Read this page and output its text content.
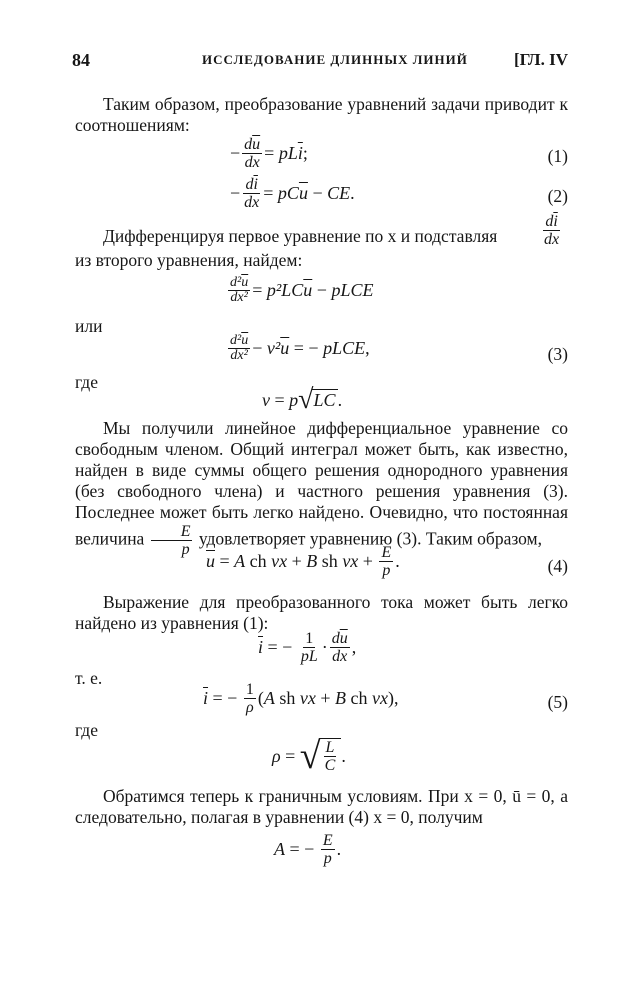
84	ИССЛЕДОВАНИЕ ДЛИННЫХ ЛИНИЙ	[ГЛ. IV
Таким образом, преобразование уравнений задачи приводит к соотношениям:
− $\frac{d\overline{u}}{dx}$ = pL $\overline{i}$ ;	(1)
− $\frac{d\overline{i}}{dx}$ = pC $\overline{u}$ − CE .	(2)
Дифференцируя первое уравнение по x и подставляя	$\frac{d\overline{i}}{dx}$
из второго уравнения, найдем:
$\frac{d^2\overline{u}}{\text{dx²}} = p^2LC$ $\overline{u}$ − pLCE
или
$\frac{d^2\overline{u}}{\text{dx²}} - \nu^2$ $\overline{u}$ = − pLCE ,	(3)
где
ν = p √ LC .
Мы получили линейное дифференциальное уравнение со свободным членом. Общий интеграл может быть, как известно, найден в виде суммы общего решения однородного уравнения (без свободного члена) и частного решения уравнения (3). Последнее может быть легко найдено. Очевидно, что постоянная величина $\frac{E}{p}$ удовлетворяет уравнению (3). Таким образом,
$\overline{u} = A$ ch νx + B sh $\nu x + \frac{E}{p}$ .	(4)
Выражение для преобразованного тока может быть легко найдено из уравнения (1):
$\overline{i}$ = − $\frac{1}{pL} \cdot \frac{d\overline{u}}{dx}$ ,
т. е.
$\overline{i}$ = − $\frac{1}{\rho}$ ( A sh νx + B ch νx ),	(5)
где
ρ = √ $\frac{L}{C}$ .
Обратимся теперь к граничным условиям. При x = 0, ū = 0, а следовательно, полагая в уравнении (4) x = 0, получим
A = − $\frac{E}{p}$ .
